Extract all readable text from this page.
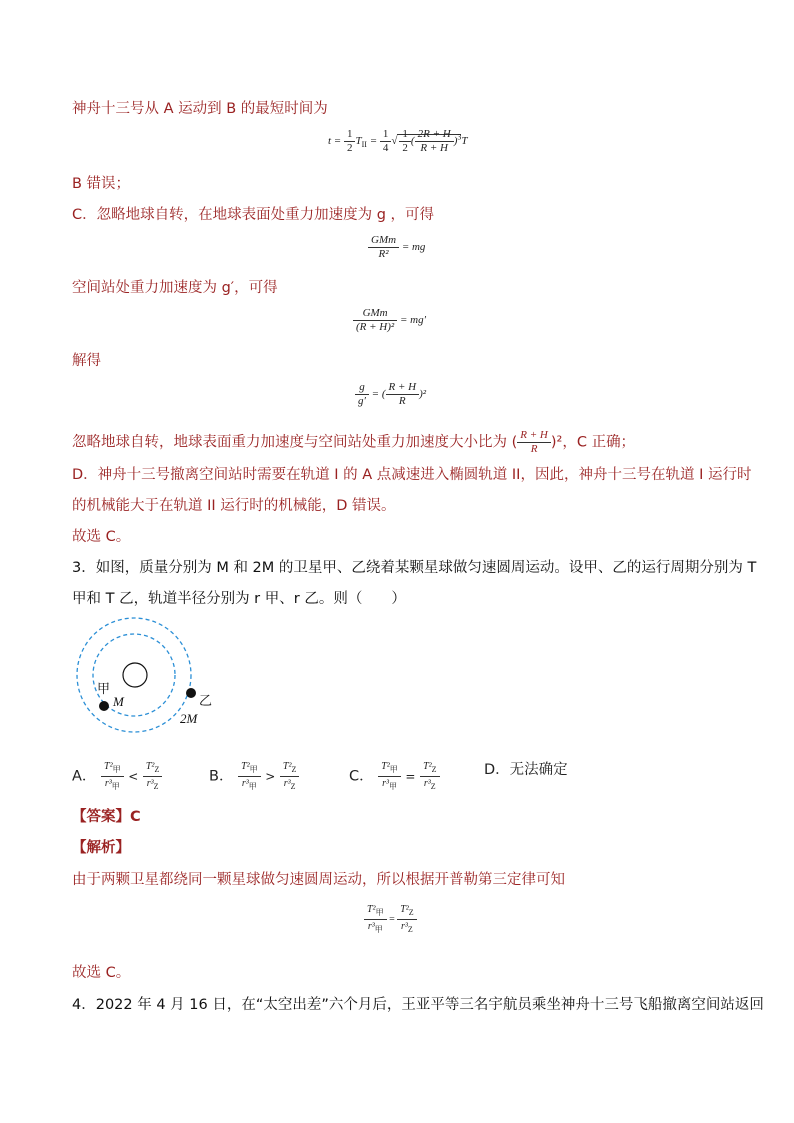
神舟十三号从 A 运动到 B 的最短时间为
$t = \frac{1}{2} T_{II} = \frac{1}{4}$ √ $\frac{1}{2}$ ( $\frac{2R + H}{R + H} )^3T$
B 错误；
C．忽略地球自转，在地球表面处重力加速度为 g ，可得
$\frac{\text{GMm}}{\text{R²}}$ = mg
空间站处重力加速度为 g′，可得
$\frac{\text{GMm}}{\text{(R + H)²}} = mg'$
解得
$\frac{g}{g'}$ = ( $\frac{R + H}{R} )^2$
忽略地球自转，地球表面重力加速度与空间站处重力加速度大小比为 ( $\frac{R + H}{R} )^2$，C 正确；
D．神舟十三号撤离空间站时需要在轨道 I 的 A 点减速进入椭圆轨道 II，因此，神舟十三号在轨道 I 运行时
的机械能大于在轨道 II 运行时的机械能，D 错误。
故选 C。
3．如图，质量分别为 M 和 2M 的卫星甲、乙绕着某颗星球做匀速圆周运动。设甲、乙的运行周期分别为 T
甲和 T 乙，轨道半径分别为 r 甲、r 乙。则（　　）
甲
M	乙
2M
A． $\frac{T^2_甲}{r^3_甲} < \frac{T^2_Z}{r^3_Z}$	B． $\frac{T^2_甲}{r^3_甲} > \frac{T^2_Z}{r^3_Z}$	C． $\frac{T^2_甲}{r^3_甲} = \frac{T^2_Z}{r^3_Z}$	D．无法确定
【答案】C
【解析】
由于两颗卫星都绕同一颗星球做匀速圆周运动，所以根据开普勒第三定律可知
$\frac{T^2_甲}{r^3_甲} = \frac{T^2_Z}{r^3_Z}$
故选 C。
4．2022 年 4 月 16 日，在“太空出差”六个月后，王亚平等三名宇航员乘坐神舟十三号飞船撤离空间站返回
